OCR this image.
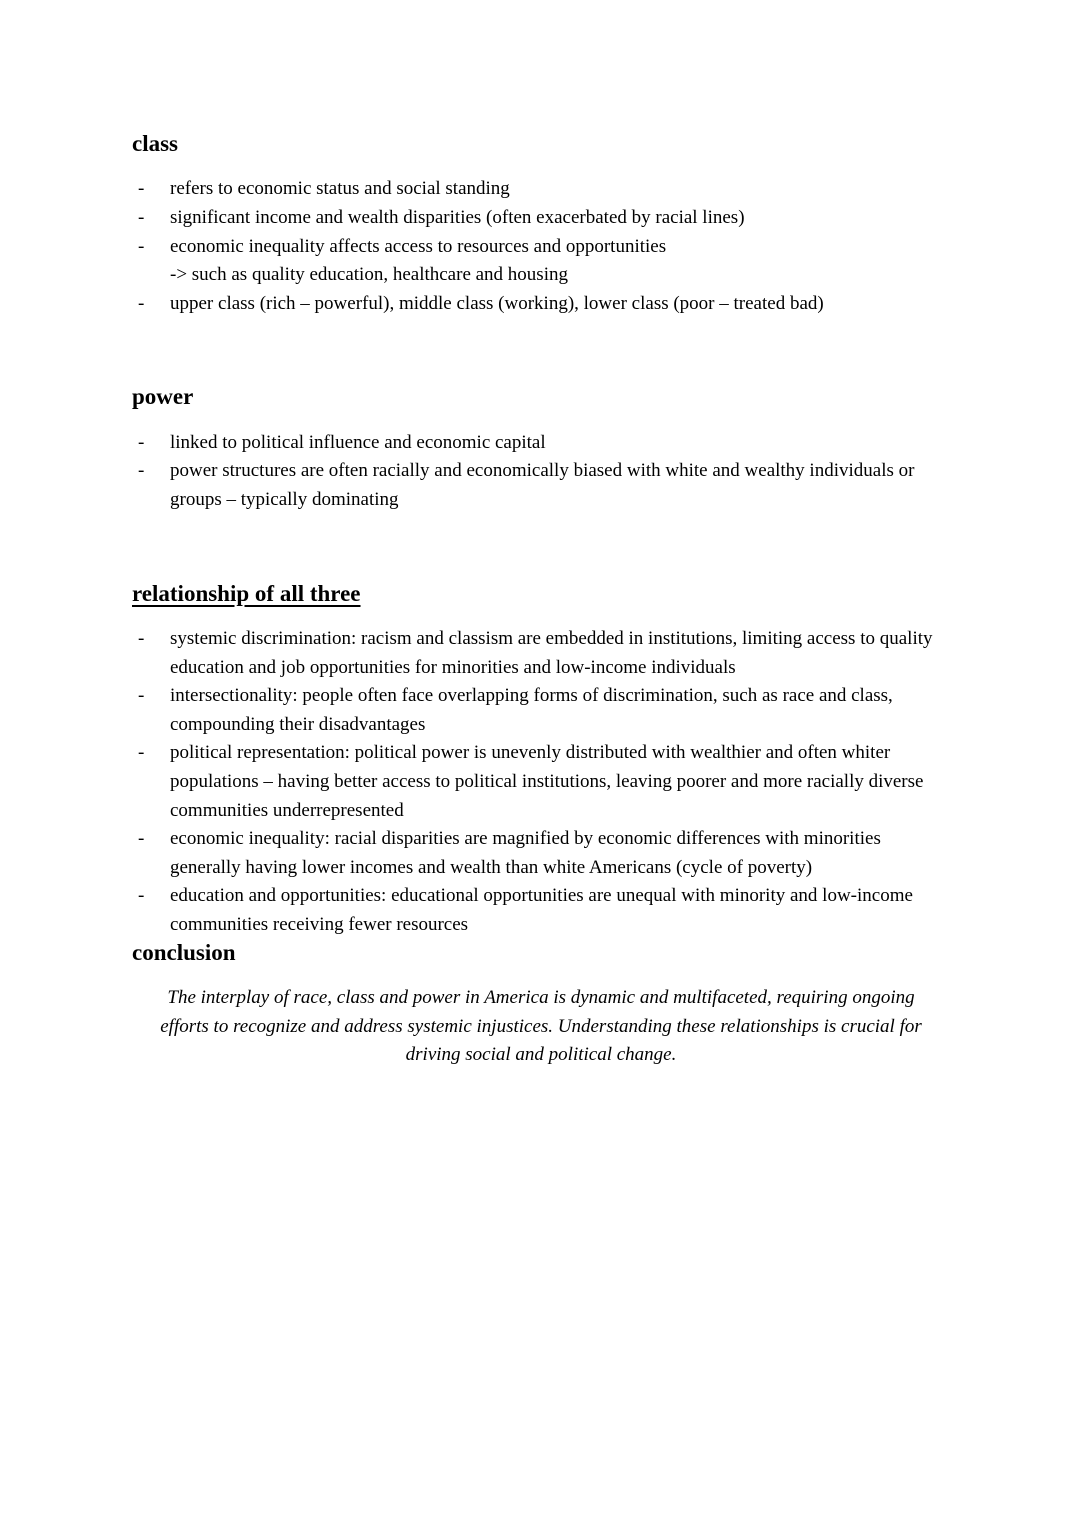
class
- refers to economic status and social standing
- significant income and wealth disparities (often exacerbated by racial lines)
- economic inequality affects access to resources and opportunities
-> such as quality education, healthcare and housing
- upper class (rich – powerful), middle class (working), lower class (poor – treated bad)
power
- linked to political influence and economic capital
- power structures are often racially and economically biased with white and wealthy individuals or groups – typically dominating
relationship of all three
- systemic discrimination: racism and classism are embedded in institutions, limiting access to quality education and job opportunities for minorities and low-income individuals
- intersectionality: people often face overlapping forms of discrimination, such as race and class, compounding their disadvantages
- political representation: political power is unevenly distributed with wealthier and often whiter populations – having better access to political institutions, leaving poorer and more racially diverse communities underrepresented
- economic inequality: racial disparities are magnified by economic differences with minorities generally having lower incomes and wealth than white Americans (cycle of poverty)
- education and opportunities: educational opportunities are unequal with minority and low-income communities receiving fewer resources
conclusion

The interplay of race, class and power in America is dynamic and multifaceted, requiring ongoing efforts to recognize and address systemic injustices. Understanding these relationships is crucial for driving social and political change.
